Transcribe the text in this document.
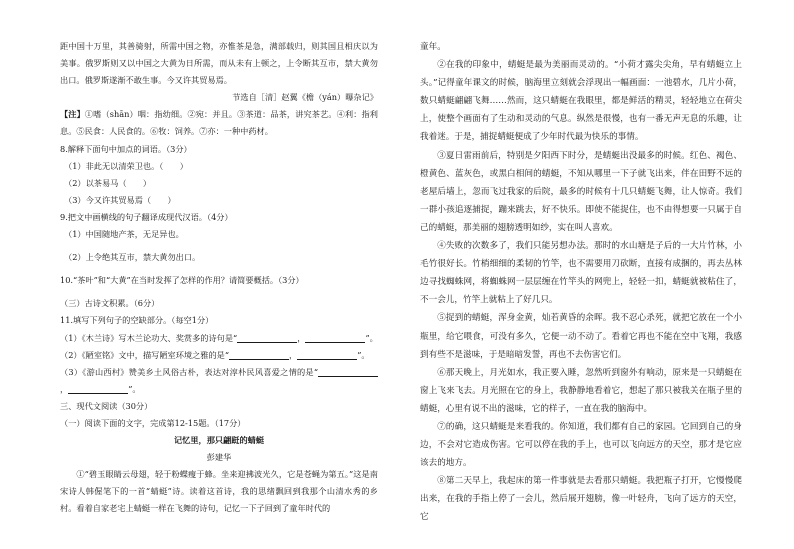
距中国十万里，其善骑射，所需中国之物，亦惟茶是急，满部载归，则其国且相庆以为美事。俄罗斯则又以中国之大黄为日所需，而从未有上顿之，上令断其互市，禁大黄勿出口。俄罗斯遂渐不敢生事。今又许其贸易焉。

节选自［清］赵翼《檐（yán）曝杂记》

【注】①嗜（shān）咽：指幼细。②宛：并且。③茶道：品茶，讲究茶艺。④利：指利息。⑤民食：人民食的。⑥牧：饲养。⑦亦：一种中药材。

8.解释下面句中加点的词语。（3分）

（1）非此无以清荣卫也。（　　）

（2）以茶易马（　　）

（3）今又许其贸易焉（　　）

9.把文中画横线的句子翻译成现代汉语。（4分）

（1）中国随地产茶，无足异也。

（2）上令绝其互市，禁大黄勿出口。

10.“茶叶”和“大黄”在当时发挥了怎样的作用？请简要概括。（3分）

（三）古诗文积累。（6分）

11.填写下列句子的空缺部分。（每空1分）

（1）《木兰诗》写木兰论功大、奖赏多的诗句是“	，	”。

（2）《陋室铭》文中，描写陋室环境之雅的是“	，	”。

（3）《游山西村》赞美乡土风俗古朴，表达对淳朴民风喜爱之情的是“，	”。

三、现代文阅读（30分）

（一）阅读下面的文字，完成第12-15题。（17分）

记忆里，那只翩跹的蜻蜓

彭建华

①“碧玉眼睛云母翅，轻于粉蝶瘦于蜂。坐来迎拂波光久，它是苍蝇为第五。”这是南宋诗人韩偓笔下的一首“蜻蜓”诗。读着这首诗，我的思绪飘回到我那个山清水秀的乡村。看着自家老宅上蜻蜓一样在飞舞的诗句，记忆一下子回到了童年时代的

童年。

②在我的印象中，蜻蜓是最为美丽而灵动的。“小荷才露尖尖角，早有蜻蜓立上头。”记得童年课文的时候，脑海里立刻就会浮现出一幅画面：一池碧水，几片小荷，数只蜻蜓翩翩飞舞……然而，这只蜻蜓在我眼里，都是鲜活的精灵，轻轻地立在荷尖上，使整个画面有了生动和灵动的气息。纵然是很慢，也有一番无声无息的乐趣，让我着迷。于是，捕捉蜻蜓便成了少年时代最为快乐的事情。

③夏日雷雨前后，特别是夕阳西下时分，是蜻蜓出没最多的时候。红色、褐色、橙黄色、蓝灰色，或黑白相间的蜻蜓，不知从哪里一下子就飞出来，伴在田野不远的老屋后墙上，忽而飞过我家的后院，最多的时候有十几只蜻蜓飞舞，让人惊奇。我们一群小孩追逐捕捉，蹦来跳去，好不快乐。即使不能捉住，也不由得想要一只属于自己的蜻蜓，那美丽的翅膀透明如纱，实在叫人喜欢。

④失败的次数多了，我们只能另想办法。那时的水山塘是子后的一大片竹林，小毛竹很好长。竹梢细细的柔韧的竹竿，也不需要用刀砍断，直接有成捆的，再去丛林边寻找蜘蛛网，将蜘蛛网一层层缠在竹竿头的网兜上，轻轻一扣，蜻蜓就被粘住了，不一会儿，竹竿上就粘上了好几只。

⑤捉到的蜻蜓，浑身金黄，灿若黄昏的余晖。我不忍心杀死，就把它放在一个小瓶里，给它喂食，可没有多久，它便一动不动了。看着它再也不能在空中飞翔，我感到有些不是滋味，于是暗暗发誓，再也不去伤害它们。

⑥那天晚上，月光如水，我正要入睡，忽然听到窗外有响动，原来是一只蜻蜓在窗上飞来飞去。月光照在它的身上，我静静地看着它，想起了那只被我关在瓶子里的蜻蜓，心里有说不出的滋味，它的样子，一直在我的脑海中。

⑦的确，这只蜻蜓是来看我的。你知道，我们都有自己的家园。它回到自己的身边，不会对它造成伤害。它可以停在我的手上，也可以飞向远方的天空，那才是它应该去的地方。

⑧第二天早上，我起床的第一件事就是去看那只蜻蜓。我把瓶子打开，它慢慢爬出来，在我的手指上停了一会儿，然后展开翅膀，像一叶轻舟，飞向了远方的天空，它
